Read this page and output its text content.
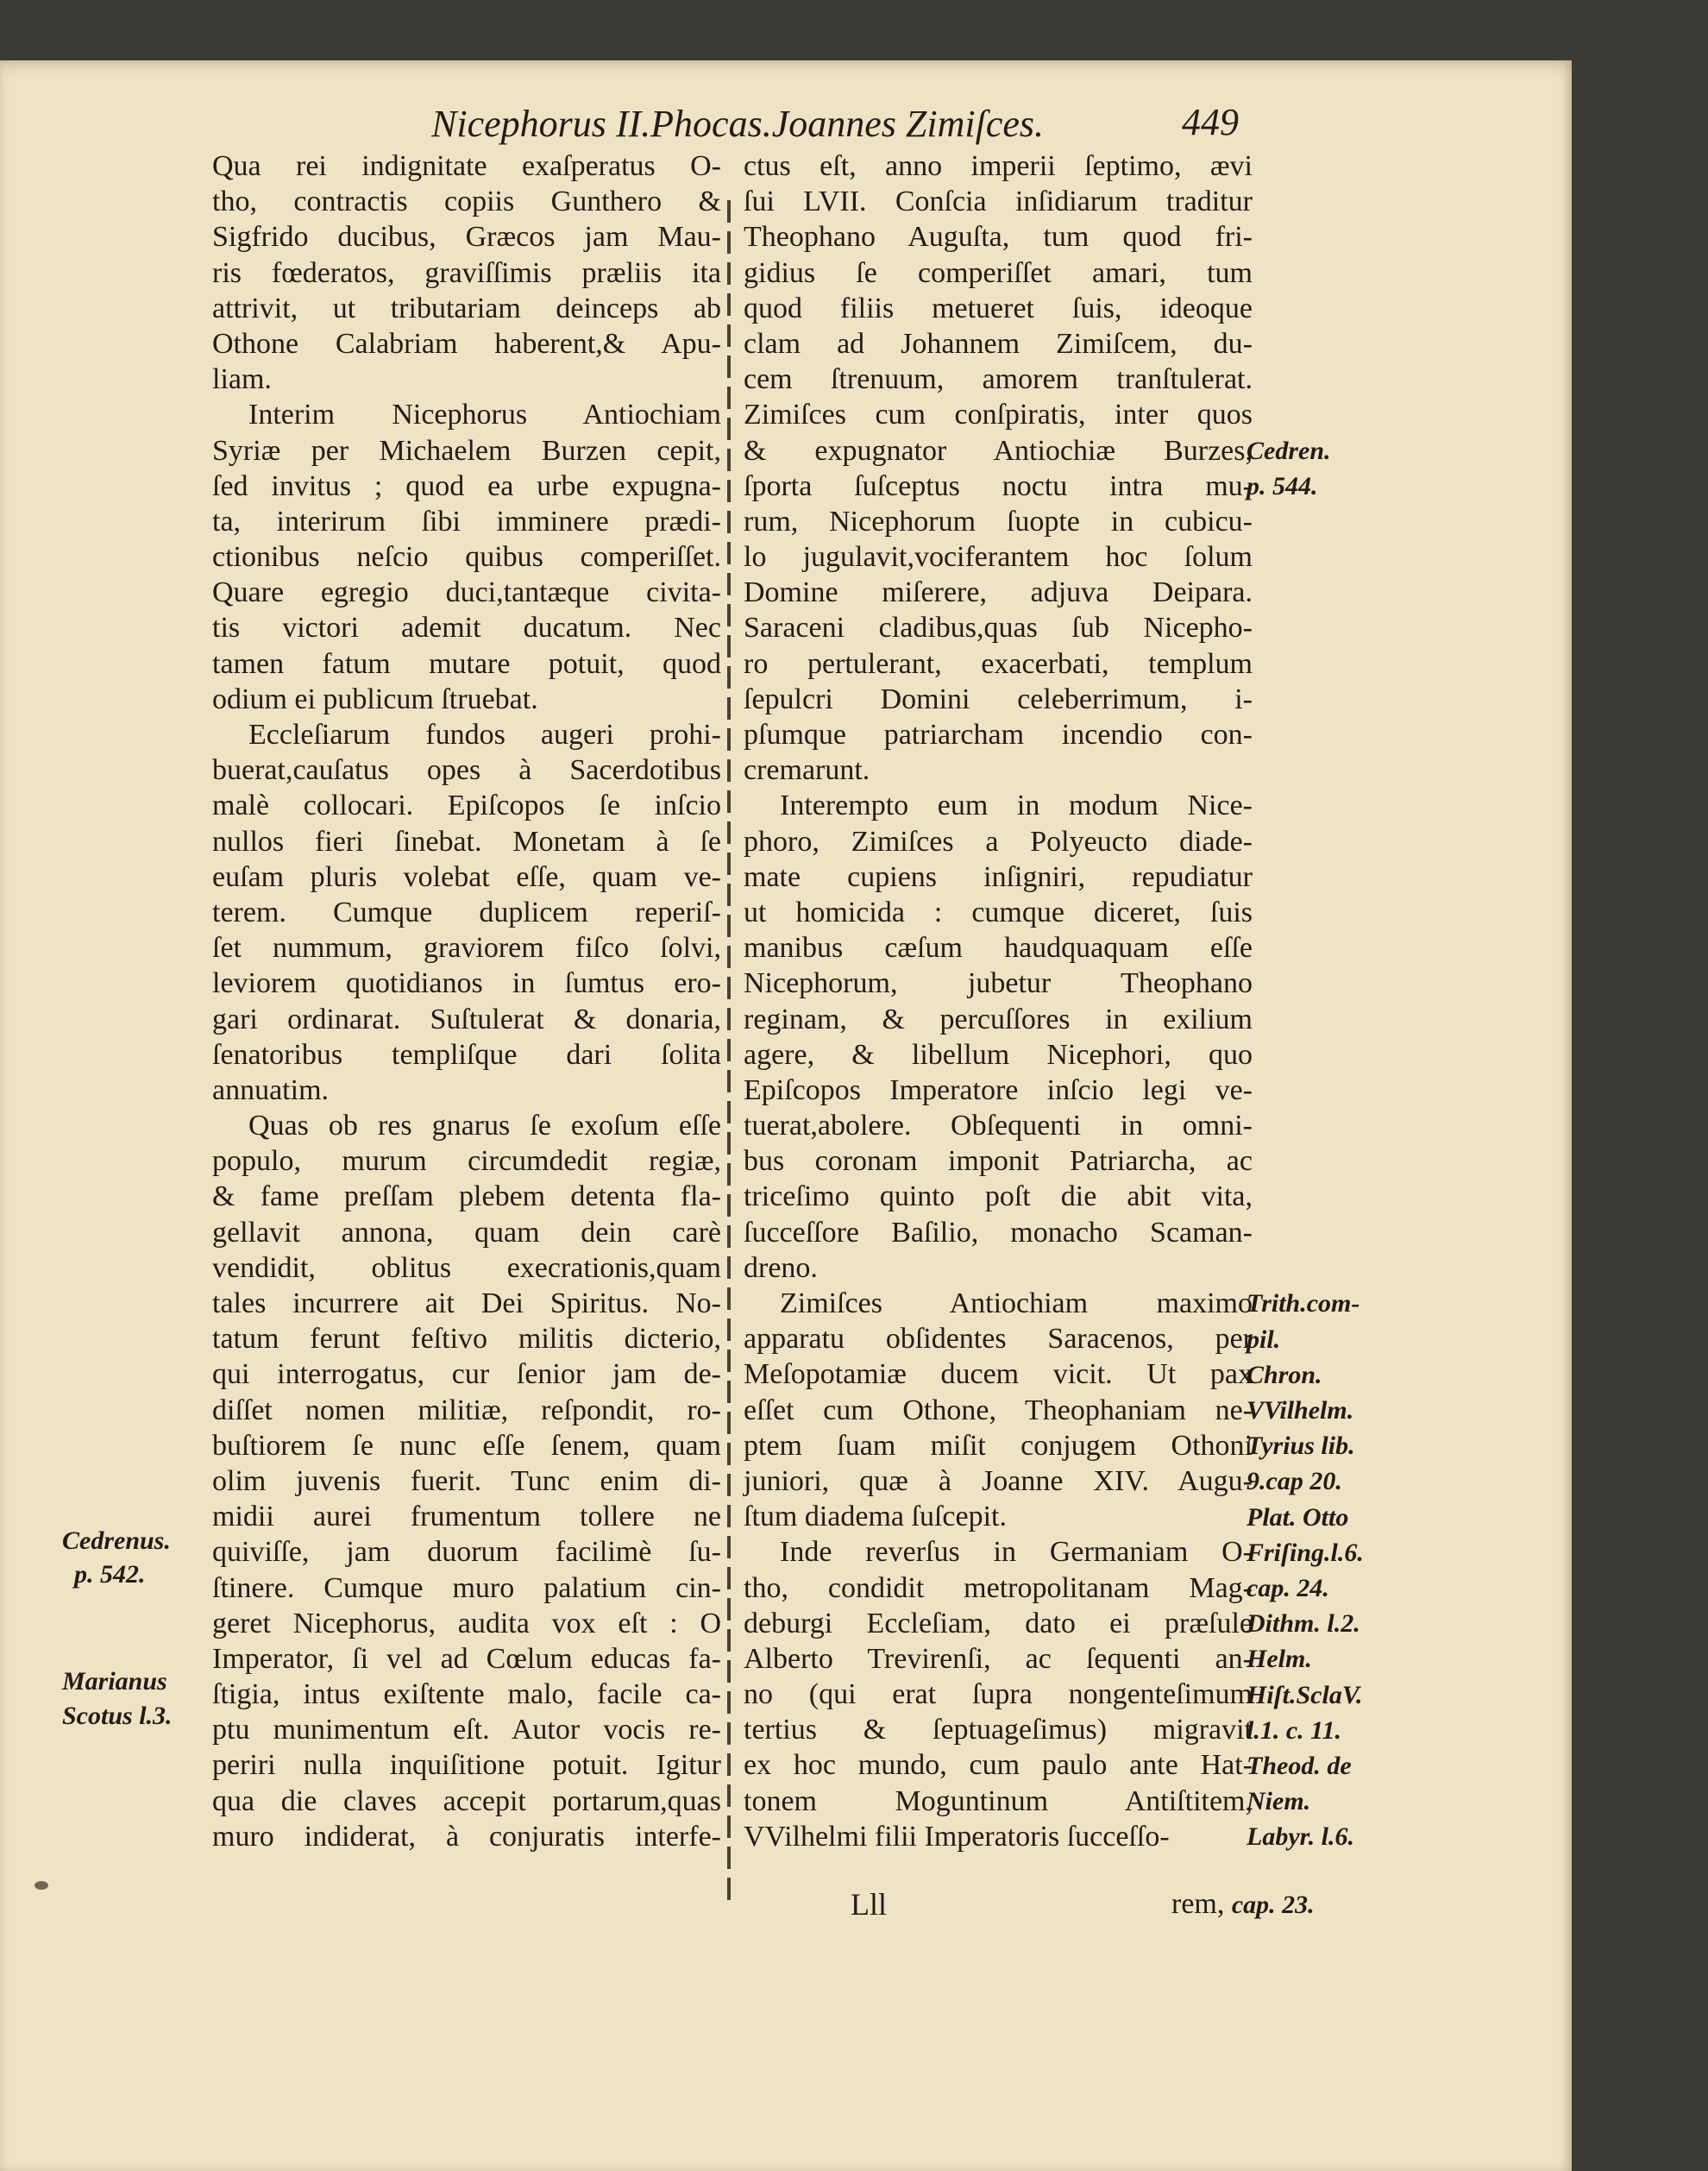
Nicephorus II.Phocas.Joannes Zimiſces.	449
Qua rei indignitate exaſperatus O-
tho, contractis copiis Gunthero &
Sigfrido ducibus, Græcos jam Mau-
ris fœderatos, graviſſimis præliis ita
attrivit, ut tributariam deinceps ab
Othone Calabriam haberent,& Apu-
liam.
Interim Nicephorus Antiochiam
Syriæ per Michaelem Burzen cepit,
ſed invitus ; quod ea urbe expugna-
ta, interirum ſibi imminere prædi-
ctionibus neſcio quibus comperiſſet.
Quare egregio duci,tantæque civita-
tis victori ademit ducatum. Nec
tamen fatum mutare potuit, quod
odium ei publicum ſtruebat.
Eccleſiarum fundos augeri prohi-
buerat,cauſatus opes à Sacerdotibus
malè collocari. Epiſcopos ſe inſcio
nullos fieri ſinebat. Monetam à ſe
euſam pluris volebat eſſe, quam ve-
terem. Cumque duplicem reperiſ-
ſet nummum, graviorem fiſco ſolvi,
leviorem quotidianos in ſumtus ero-
gari ordinarat. Suſtulerat & donaria,
ſenatoribus templiſque dari ſolita
annuatim.
Quas ob res gnarus ſe exoſum eſſe
populo, murum circumdedit regiæ,
& fame preſſam plebem detenta fla-
gellavit annona, quam dein carè
vendidit, oblitus execrationis,quam
tales incurrere ait Dei Spiritus. No-
tatum ferunt feſtivo militis dicterio,
qui interrogatus, cur ſenior jam de-
diſſet nomen militiæ, reſpondit, ro-
buſtiorem ſe nunc eſſe ſenem, quam
olim juvenis fuerit. Tunc enim di-
midii aurei frumentum tollere ne
quiviſſe, jam duorum facilimè ſu-
ſtinere. Cumque muro palatium cin-
geret Nicephorus, audita vox eſt : O
Imperator, ſi vel ad Cœlum educas fa-
ſtigia, intus exiſtente malo, facile ca-
ptu munimentum eſt. Autor vocis re-
periri nulla inquiſitione potuit. Igitur
qua die claves accepit portarum,quas
muro indiderat, à conjuratis interfe-
ctus eſt, anno imperii ſeptimo, ævi
ſui LVII. Conſcia inſidiarum traditur
Theophano Auguſta, tum quod fri-
gidius ſe comperiſſet amari, tum
quod filiis metueret ſuis, ideoque
clam ad Johannem Zimiſcem, du-
cem ſtrenuum, amorem tranſtulerat.
Zimiſces cum conſpiratis, inter quos
& expugnator Antiochiæ Burzes,
ſporta ſuſceptus noctu intra mu-
rum, Nicephorum ſuopte in cubicu-
lo jugulavit,vociferantem hoc ſolum
Domine miſerere, adjuva Deipara.
Saraceni cladibus,quas ſub Nicepho-
ro pertulerant, exacerbati, templum
ſepulcri Domini celeberrimum, i-
pſumque patriarcham incendio con-
cremarunt.
Interempto eum in modum Nice-
phoro, Zimiſces a Polyeucto diade-
mate cupiens inſigniri, repudiatur
ut homicida : cumque diceret, ſuis
manibus cæſum haudquaquam eſſe
Nicephorum, jubetur Theophano
reginam, & percuſſores in exilium
agere, & libellum Nicephori, quo
Epiſcopos Imperatore inſcio legi ve-
tuerat,abolere. Obſequenti in omni-
bus coronam imponit Patriarcha, ac
triceſimo quinto poſt die abit vita,
ſucceſſore Baſilio, monacho Scaman-
dreno.
Zimiſces Antiochiam maximo
apparatu obſidentes Saracenos, per
Meſopotamiæ ducem vicit. Ut pax
eſſet cum Othone, Theophaniam ne-
ptem ſuam miſit conjugem Othoni
juniori, quæ à Joanne XIV. Augu-
ſtum diadema ſuſcepit.
Inde reverſus in Germaniam O-
tho, condidit metropolitanam Mag-
deburgi Eccleſiam, dato ei præſule
Alberto Trevirenſi, ac ſequenti an-
no (qui erat ſupra nongenteſimum
tertius & ſeptuageſimus) migravit
ex hoc mundo, cum paulo ante Hat-
tonem Moguntinum Antiſtitem,
VVilhelmi filii Imperatoris ſucceſſo-
Cedrenus.
p. 542.
Marianus
Scotus l.3.
Cedren.
p. 544.
Trith.com-
pil.
Chron.
VVilhelm.
Tyrius lib.
9.cap 20.
Plat. Otto
Friſing.l.6.
cap. 24.
Dithm. l.2.
Helm.
Hiſt.SclaV.
l.1. c. 11.
Theod. de
Niem.
Labyr. l.6.
Lll	rem, cap. 23.
